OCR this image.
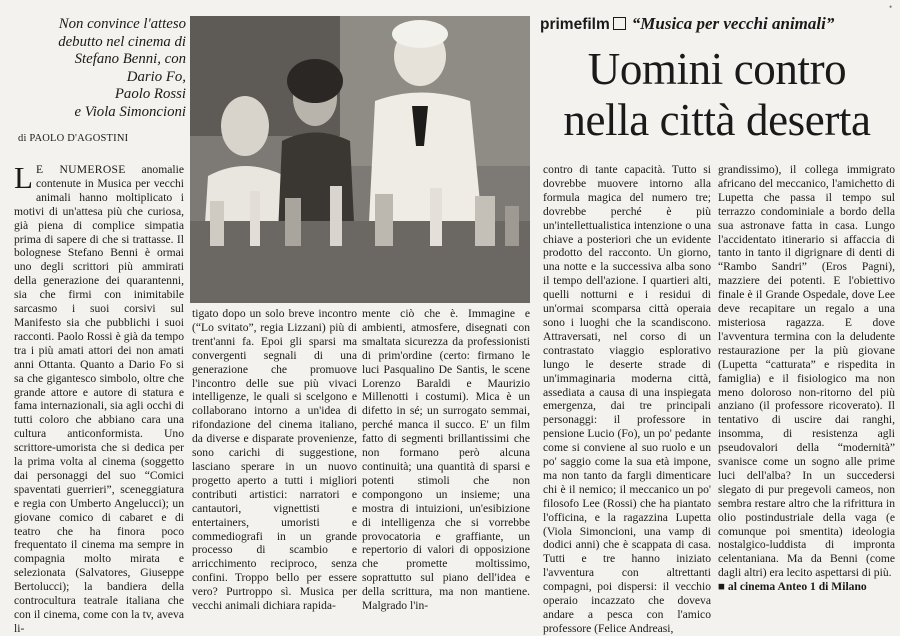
•
Non convince l'atteso
debutto nel cinema di
Stefano Benni, con
Dario Fo,
Paolo Rossi
e Viola Simoncioni

di PAOLO D'AGOSTINI

primefilm “Musica per vecchi animali”
Uomini contro
nella città deserta
L E NUMEROSE anomalie contenute in Musica per vecchi animali hanno moltiplicato i motivi di un'attesa più che curiosa, già piena di complice simpatia prima di sapere di che si trattasse. Il bolognese Stefano Benni è ormai uno degli scrittori più ammirati della generazione dei quarantenni, sia che firmi con inimitabile sarcasmo i suoi corsivi sul Manifesto sia che pubblichi i suoi racconti. Paolo Rossi è già da tempo tra i più amati attori dei non amati anni Ottanta. Quanto a Dario Fo si sa che gigantesco simbolo, oltre che grande attore e autore di statura e fama internazionali, sia agli occhi di tutti coloro che abbiano cara una cultura anticonformista. Uno scrittore-umorista che si dedica per la prima volta al cinema (soggetto dai personaggi del suo “Comici spaventati guerrieri”, sceneggiatura e regia con Umberto Angelucci); un giovane comico di cabaret e di teatro che ha finora poco frequentato il cinema ma sempre in compagnia molto mirata e selezionata (Salvatores, Giuseppe Bertolucci); la bandiera della controcultura teatrale italiana che con il cinema, come con la tv, aveva li-
tigato dopo un solo breve incontro (“Lo svitato”, regia Lizzani) più di trent'anni fa. Epoi gli sparsi ma convergenti segnali di una generazione che promuove l'incontro delle sue più vivaci intelligenze, le quali si scelgono e collaborano intorno a un'idea di rifondazione del cinema italiano, da diverse e disparate provenienze, sono carichi di suggestione, lasciano sperare in un nuovo progetto aperto a tutti i migliori contributi artistici: narratori e cantautori, vignettisti e entertainers, umoristi e commediografi in un grande processo di scambio e arricchimento reciproco, senza confini. Troppo bello per essere vero? Purtroppo sì. Musica per vecchi animali dichiara rapida-
mente ciò che è. Immagine e ambienti, atmosfere, disegnati con smaltata sicurezza da professionisti di prim'ordine (certo: firmano le luci Pasqualino De Santis, le scene Lorenzo Baraldi e Maurizio Millenotti i costumi). Mica è un difetto in sé; un surrogato semmai, perché manca il succo. E' un film fatto di segmenti brillantissimi che non formano però alcuna continuità; una quantità di sparsi e potenti stimoli che non compongono un insieme; una mostra di intuizioni, un'esibizione di intelligenza che si vorrebbe provocatoria e graffiante, un repertorio di valori di opposizione che promette moltissimo, soprattutto sul piano dell'idea e della scrittura, ma non mantiene. Malgrado l'in-
contro di tante capacità. Tutto si dovrebbe muovere intorno alla formula magica del numero tre; dovrebbe perché è più un'intellettualistica intenzione o una chiave a posteriori che un evidente prodotto del racconto. Un giorno, una notte e la successiva alba sono il tempo dell'azione. I quartieri alti, quelli notturni e i residui di un'ormai scomparsa città operaia sono i luoghi che la scandiscono. Attraversati, nel corso di un contrastato viaggio esplorativo lungo le deserte strade di un'immaginaria moderna città, assediata a causa di una inspiegata emergenza, dai tre principali personaggi: il professore in pensione Lucio (Fo), un po' pedante come si conviene al suo ruolo e un po' saggio come la sua età impone, ma non tanto da fargli dimenticare chi è il nemico; il meccanico un po' filosofo Lee (Rossi) che ha piantato l'officina, e la ragazzina Lupetta (Viola Simoncioni, una vamp di dodici anni) che è scappata di casa. Tutti e tre hanno iniziato l'avventura con altrettanti compagni, poi dispersi: il vecchio operaio incazzato che doveva andare a pesca con l'amico professore (Felice Andreasi,
grandissimo), il collega immigrato africano del meccanico, l'amichetto di Lupetta che passa il tempo sul terrazzo condominiale a bordo della sua astronave fatta in casa. Lungo l'accidentato itinerario si affaccia di tanto in tanto il digrignare di denti di “Rambo Sandri” (Eros Pagni), mazziere dei potenti. E l'obiettivo finale è il Grande Ospedale, dove Lee deve recapitare un regalo a una misteriosa ragazza. E dove l'avventura termina con la deludente restaurazione per la più giovane (Lupetta “catturata” e rispedita in famiglia) e il fisiologico ma non meno doloroso non-ritorno del più anziano (il professore ricoverato). Il tentativo di uscire dai ranghi, insomma, di resistenza agli pseudovalori della “modernità” svanisce come un sogno alle prime luci dell'alba? In un succedersi slegato di pur pregevoli cameos, non sembra restare altro che la rifrittura in olio postindustriale della vaga (e comunque poi smentita) ideologia nostalgico-luddista di impronta celentaniana. Ma da Benni (come dagli altri) era lecito aspettarsi di più.
■ al cinema Anteo 1 di Milano
